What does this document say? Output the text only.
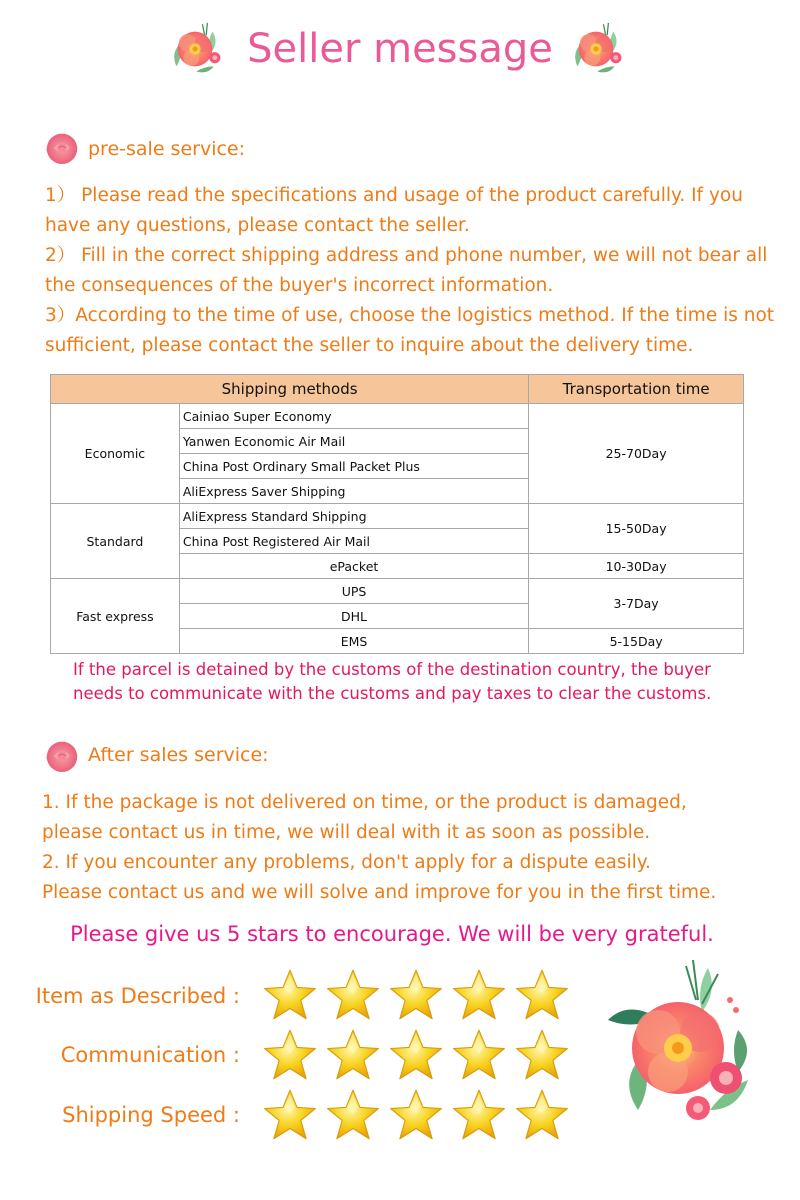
Seller message
pre-sale service:
1） Please read the specifications and usage of the product carefully. If you
have any questions, please contact the seller.
2） Fill in the correct shipping address and phone number, we will not bear all
the consequences of the buyer's incorrect information.
3）According to the time of use, choose the logistics method. If the time is not
sufficient, please contact the seller to inquire about the delivery time.
Shipping methods		Transportation time
Economic	Cainiao Super Economy	25-70Day
	Yanwen Economic Air Mail	
	China Post Ordinary Small Packet Plus	
	AliExpress Saver Shipping	
Standard	AliExpress Standard Shipping	15-50Day
	China Post Registered Air Mail	
	ePacket	10-30Day
Fast express	UPS	3-7Day
	DHL	
	EMS	5-15Day
If the parcel is detained by the customs of the destination country, the buyer
needs to communicate with the customs and pay taxes to clear the customs.
After sales service:
1. If the package is not delivered on time, or the product is damaged,
please contact us in time, we will deal with it as soon as possible.
2. If you encounter any problems, don't apply for a dispute easily.
Please contact us and we will solve and improve for you in the first time.
Please give us 5 stars to encourage. We will be very grateful.
Item as Described :
Communication :
Shipping Speed :
